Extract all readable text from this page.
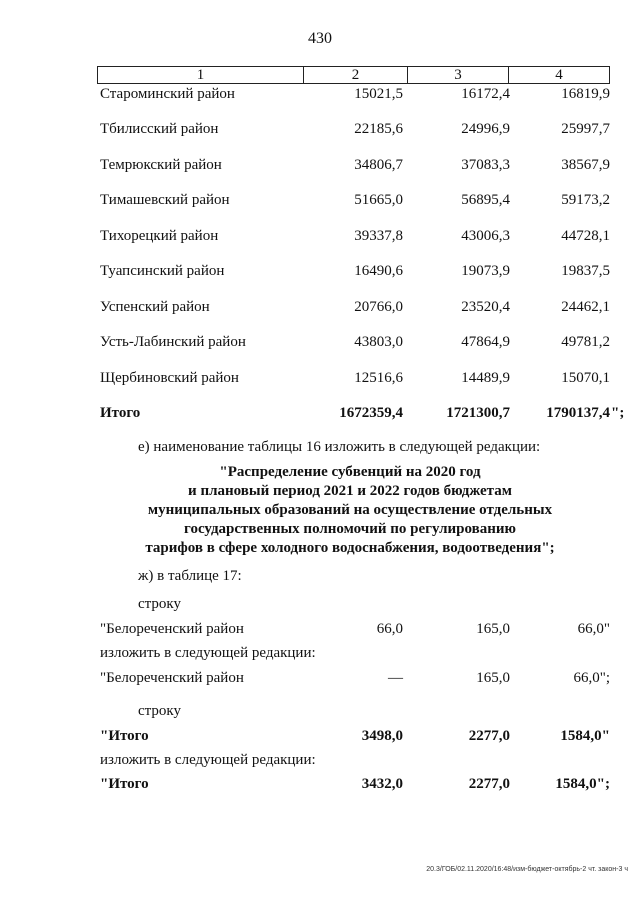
430
1	2	3	4
Староминский район	15021,5	16172,4	16819,9
Тбилисский район	22185,6	24996,9	25997,7
Темрюкский район	34806,7	37083,3	38567,9
Тимашевский район	51665,0	56895,4	59173,2
Тихорецкий район	39337,8	43006,3	44728,1
Туапсинский район	16490,6	19073,9	19837,5
Успенский район	20766,0	23520,4	24462,1
Усть-Лабинский район	43803,0	47864,9	49781,2
Щербиновский район	12516,6	14489,9	15070,1
Итого	1672359,4	1721300,7	1790137,4 ";
е) наименование таблицы 16 изложить в следующей редакции:
"Распределение субвенций на 2020 год
и плановый период 2021 и 2022 годов бюджетам
муниципальных образований на осуществление отдельных
государственных полномочий по регулированию
тарифов в сфере холодного водоснабжения, водоотведения";
ж) в таблице 17:
строку
"Белореченский район	66,0	165,0	66,0"
изложить в следующей редакции:
"Белореченский район	—	165,0	66,0";
строку
"Итого	3498,0	2277,0	1584,0"
изложить в следующей редакции:
"Итого	3432,0	2277,0	1584,0";
20.3/ГОБ/02.11.2020/16:48/изм-бюджет-октябрь-2 чт. закон-3 ч
